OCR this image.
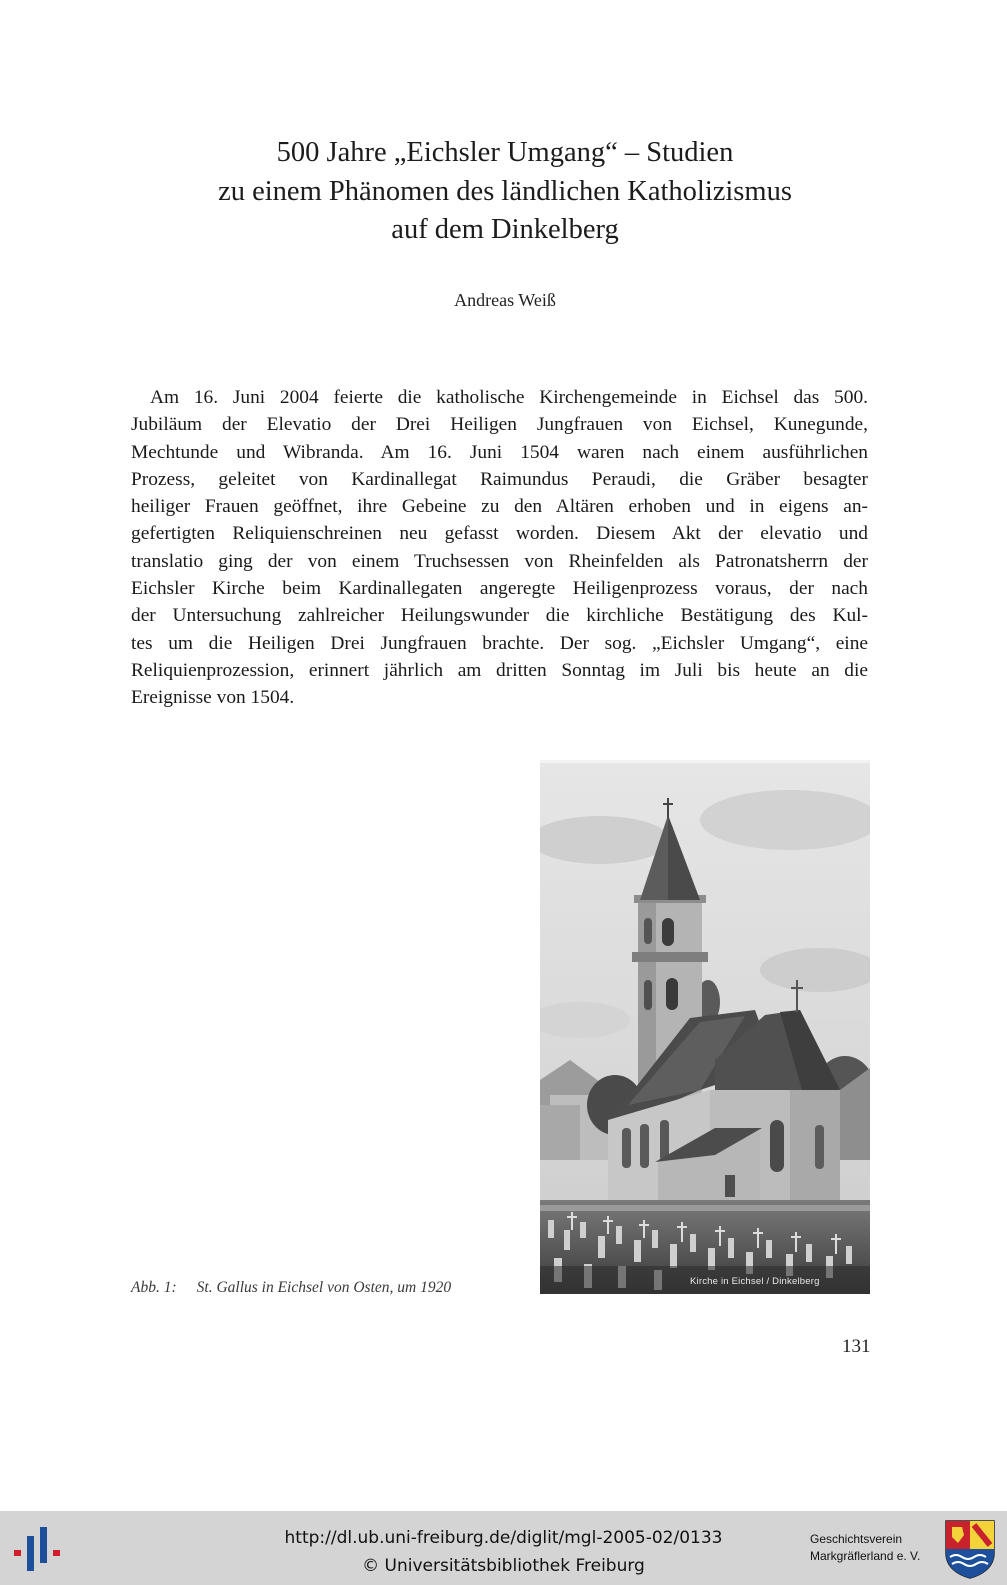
500 Jahre „Eichsler Umgang“ – Studien
zu einem Phänomen des ländlichen Katholizismus
auf dem Dinkelberg
Andreas Weiß
Am 16. Juni 2004 feierte die katholische Kirchengemeinde in Eichsel das 500.
Jubiläum der Elevatio der Drei Heiligen Jungfrauen von Eichsel, Kunegunde,
Mechtunde und Wibranda. Am 16. Juni 1504 waren nach einem ausführlichen
Prozess, geleitet von Kardinallegat Raimundus Peraudi, die Gräber besagter
heiliger Frauen geöffnet, ihre Gebeine zu den Altären erhoben und in eigens an-
gefertigten Reliquienschreinen neu gefasst worden. Diesem Akt der elevatio und
translatio ging der von einem Truchsessen von Rheinfelden als Patronatsherrn der
Eichsler Kirche beim Kardinallegaten angeregte Heiligenprozess voraus, der nach
der Untersuchung zahlreicher Heilungswunder die kirchliche Bestätigung des Kul-
tes um die Heiligen Drei Jungfrauen brachte. Der sog. „Eichsler Umgang“, eine
Reliquienprozession, erinnert jährlich am dritten Sonntag im Juli bis heute an die
Ereignisse von 1504.
Kirche in Eichsel / Dinkelberg
Abb. 1: St. Gallus in Eichsel von Osten, um 1920
131
http://dl.ub.uni-freiburg.de/diglit/mgl-2005-02/0133
© Universitätsbibliothek Freiburg
Geschichtsverein
Markgräflerland e. V.
